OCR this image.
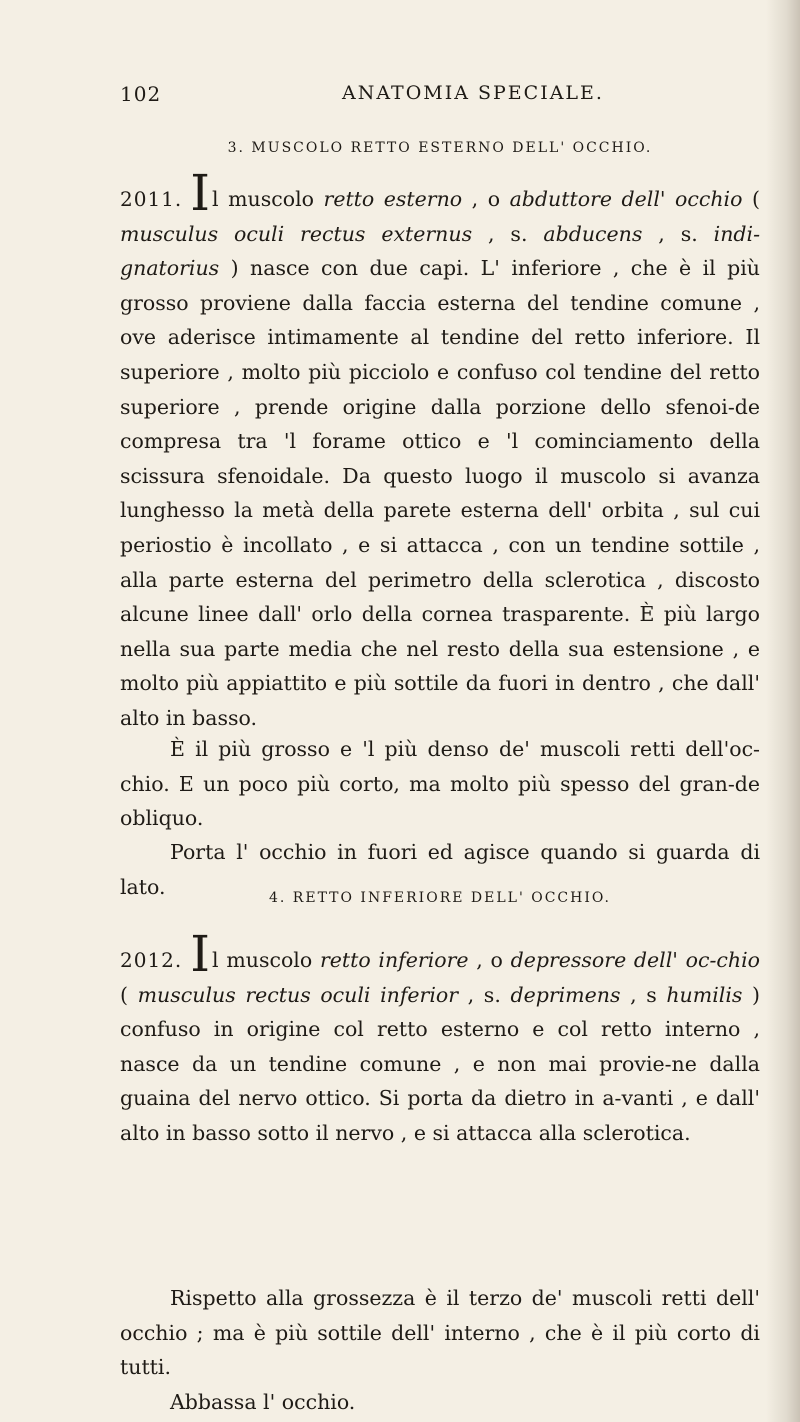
102	ANATOMIA SPECIALE.
3. MUSCOLO RETTO ESTERNO DELL' OCCHIO.

2011. Il muscolo retto esterno , o abduttore dell' occhio ( musculus oculi rectus externus , s. abducens , s. indi-gnatorius ) nasce con due capi. L' inferiore , che è il più grosso proviene dalla faccia esterna del tendine comune , ove aderisce intimamente al tendine del retto inferiore. Il superiore , molto più picciolo e confuso col tendine del retto superiore , prende origine dalla porzione dello sfenoi-de compresa tra 'l forame ottico e 'l cominciamento della scissura sfenoidale. Da questo luogo il muscolo si avanza lunghesso la metà della parete esterna dell' orbita , sul cui periostio è incollato , e si attacca , con un tendine sottile , alla parte esterna del perimetro della sclerotica , discosto alcune linee dall' orlo della cornea trasparente. È più largo nella sua parte media che nel resto della sua estensione , e molto più appiattito e più sottile da fuori in dentro , che dall' alto in basso.

È il più grosso e 'l più denso de' muscoli retti dell'oc-chio. E un poco più corto, ma molto più spesso del gran-de obliquo.

Porta l' occhio in fuori ed agisce quando si guarda di lato.	4. RETTO INFERIORE DELL' OCCHIO.

2012. Il muscolo retto inferiore , o depressore dell' oc-chio ( musculus rectus oculi inferior , s. deprimens , s humilis ) confuso in origine col retto esterno e col retto interno , nasce da un tendine comune , e non mai provie-ne dalla guaina del nervo ottico. Si porta da dietro in a-vanti , e dall' alto in basso sotto il nervo , e si attacca alla sclerotica.

Rispetto alla grossezza è il terzo de' muscoli retti dell' occhio ; ma è più sottile dell' interno , che è il più corto di tutti.

Abbassa l' occhio.
